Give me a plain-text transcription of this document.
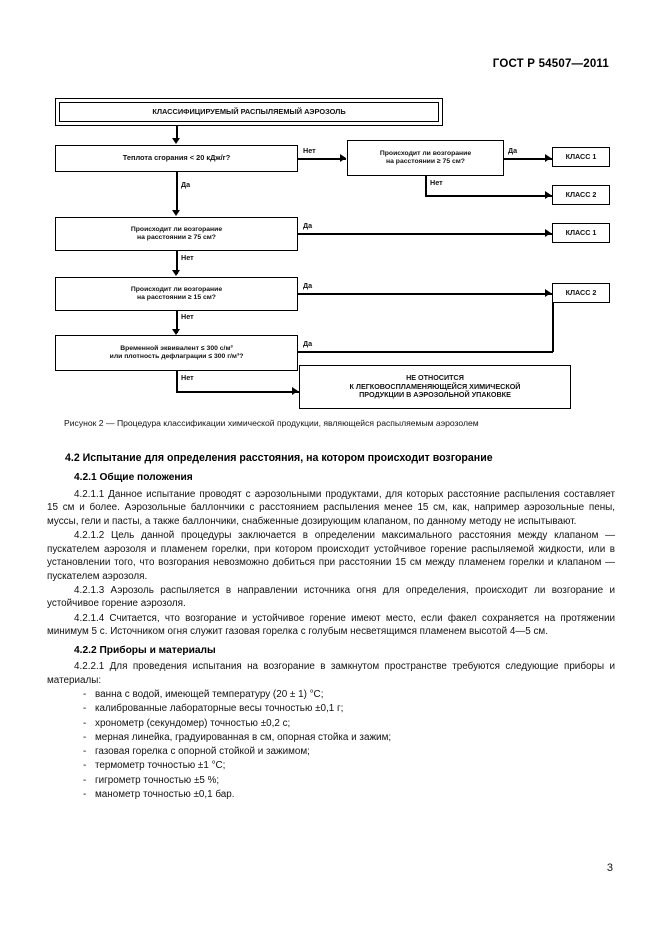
ГОСТ Р 54507—2011
КЛАССИФИЦИРУЕМЫЙ РАСПЫЛЯЕМЫЙ АЭРОЗОЛЬ
Теплота сгорания < 20 кДж/г?
Нет	Происходит ли возгорание
на расстоянии ≥ 75 см?
Да
КЛАСС 1
Нет
КЛАСС 2
Да
Происходит ли возгорание
на расстоянии ≥ 75 см?
Да
КЛАСС 1
Нет
Происходит ли возгорание
на расстоянии ≥ 15 см?
Да
КЛАСС 2
Нет
Временной эквивалент ≤ 300 с/м³
или плотность дефлаграции ≤ 300 г/м³?
Да
Нет	НЕ ОТНОСИТСЯ
К ЛЕГКОВОСПЛАМЕНЯЮЩЕЙСЯ ХИМИЧЕСКОЙ
ПРОДУКЦИИ В АЭРОЗОЛЬНОЙ УПАКОВКЕ
Рисунок 2 — Процедура классификации химической продукции, являющейся распыляемым аэрозолем
4.2 Испытание для определения расстояния, на котором происходит возгорание
4.2.1 Общие положения

4.2.1.1 Данное испытание проводят с аэрозольными продуктами, для которых расстояние распыления составляет 15 см и более. Аэрозольные баллончики с расстоянием распыления менее 15 см, как, например аэрозольные пены, муссы, гели и пасты, а также баллончики, снабженные дозирующим клапаном, по данному методу не испытывают.

4.2.1.2 Цель данной процедуры заключается в определении максимального расстояния между клапаном — пускателем аэрозоля и пламенем горелки, при котором происходит устойчивое горение распыляемой жидкости, или в установлении того, что возгорания невозможно добиться при расстоянии 15 см между пламенем горелки и клапаном — пускателем аэрозоля.

4.2.1.3 Аэрозоль распыляется в направлении источника огня для определения, происходит ли возгорание и устойчивое горение аэрозоля.

4.2.1.4 Считается, что возгорание и устойчивое горение имеют место, если факел сохраняется на протяжении минимум 5 с. Источником огня служит газовая горелка с голубым несветящимся пламенем высотой 4—5 см.

4.2.2 Приборы и материалы

4.2.2.1 Для проведения испытания на возгорание в замкнутом пространстве требуются следующие приборы и материалы:

- ванна с водой, имеющей температуру (20 ± 1) °С;
- калиброванные лабораторные весы точностью ±0,1 г;
- хронометр (секундомер) точностью ±0,2 с;
- мерная линейка, градуированная в см, опорная стойка и зажим;
- газовая горелка с опорной стойкой и зажимом;
- термометр точностью ±1 °С;
- гигрометр точностью ±5 %;
- манометр точностью ±0,1 бар.
3
